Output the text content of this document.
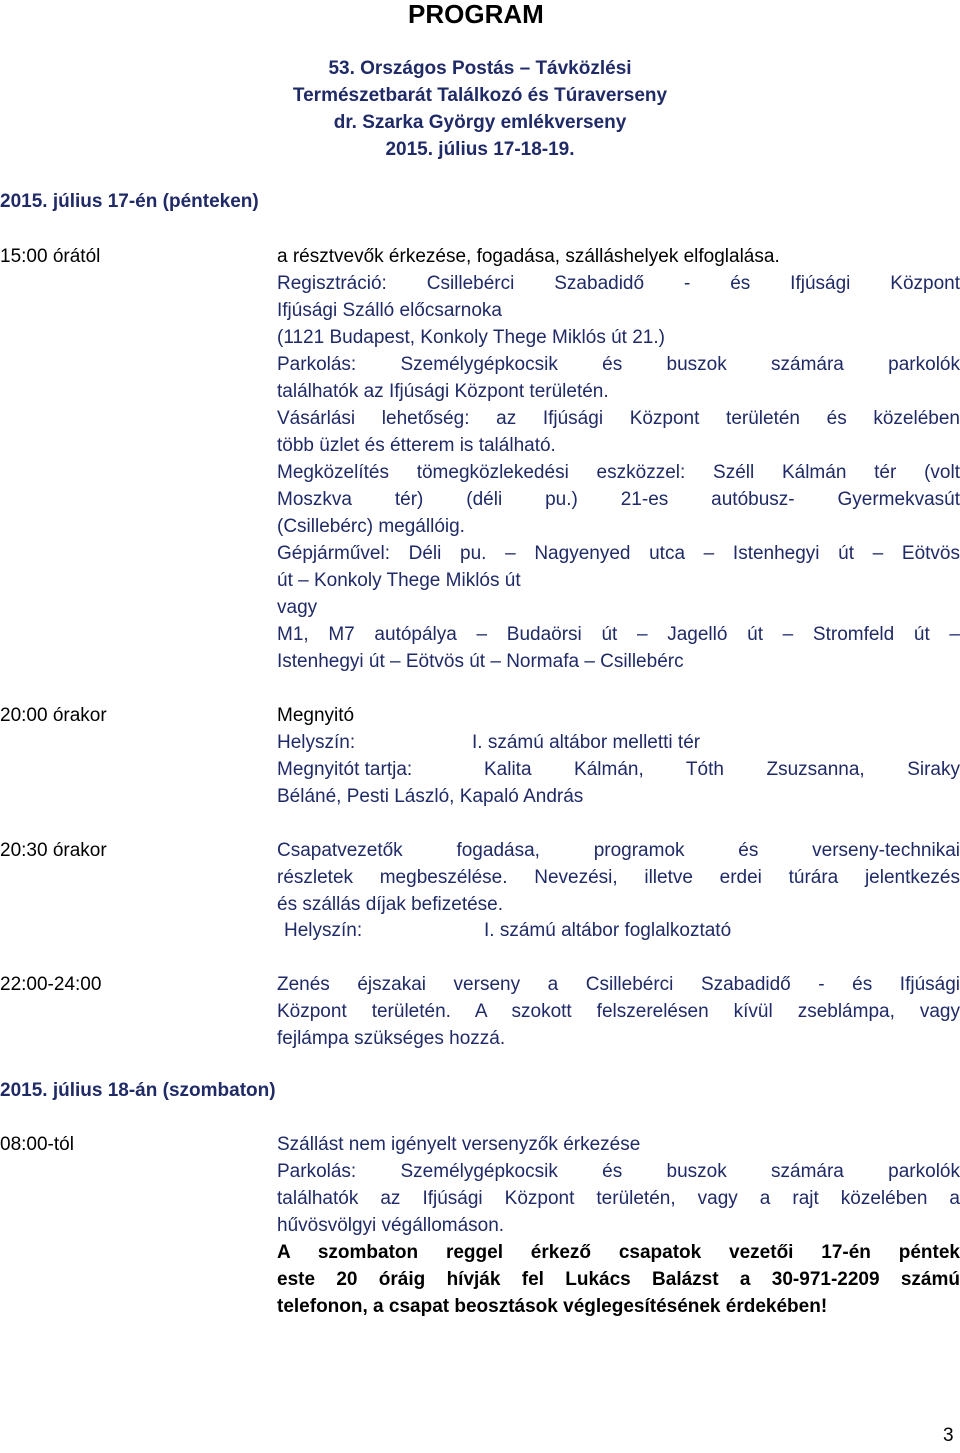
PROGRAM
53. Országos Postás – Távközlési
Természetbarát Találkozó és Túraverseny
dr. Szarka György emlékverseny
2015. július 17-18-19.
2015. július 17-én (pénteken)
15:00 órától	a résztvevők érkezése, fogadása, szálláshelyek elfoglalása.
Regisztráció: Csillebérci Szabadidő - és Ifjúsági Központ
Ifjúsági Szálló előcsarnoka
(1121 Budapest, Konkoly Thege Miklós út 21.)
Parkolás: Személygépkocsik és buszok számára parkolók
találhatók az Ifjúsági Központ területén.
Vásárlási lehetőség: az Ifjúsági Központ területén és közelében
több üzlet és étterem is található.
Megközelítés tömegközlekedési eszközzel: Széll Kálmán tér (volt
Moszkva tér) (déli pu.) 21-es autóbusz- Gyermekvasút
(Csillebérc) megállóig.
Gépjárművel: Déli pu. – Nagyenyed utca – Istenhegyi út – Eötvös
út – Konkoly Thege Miklós út
vagy
M1, M7 autópálya – Budaörsi út – Jagelló út – Stromfeld út –
Istenhegyi út – Eötvös út – Normafa – Csillebérc
20:00 órakor	Megnyitó
Helyszín:	I. számú altábor melletti tér
Megnyitót tartja:	Kalita Kálmán, Tóth Zsuzsanna, Siraky
Béláné, Pesti László, Kapaló András
20:30 órakor	Csapatvezetők fogadása, programok és verseny-technikai
részletek megbeszélése. Nevezési, illetve erdei túrára jelentkezés
és szállás díjak befizetése.
Helyszín:	I. számú altábor foglalkoztató
22:00-24:00	Zenés éjszakai verseny a Csillebérci Szabadidő - és Ifjúsági
Központ területén. A szokott felszerelésen kívül zseblámpa, vagy
fejlámpa szükséges hozzá.
2015. július 18-án (szombaton)
08:00-tól	Szállást nem igényelt versenyzők érkezése
Parkolás: Személygépkocsik és buszok számára parkolók
találhatók az Ifjúsági Központ területén, vagy a rajt közelében a
hűvösvölgyi végállomáson.
A szombaton reggel érkező csapatok vezetői 17-én péntek
este 20 óráig hívják fel Lukács Balázst a 30-971-2209 számú
telefonon, a csapat beosztások véglegesítésének érdekében!
3
